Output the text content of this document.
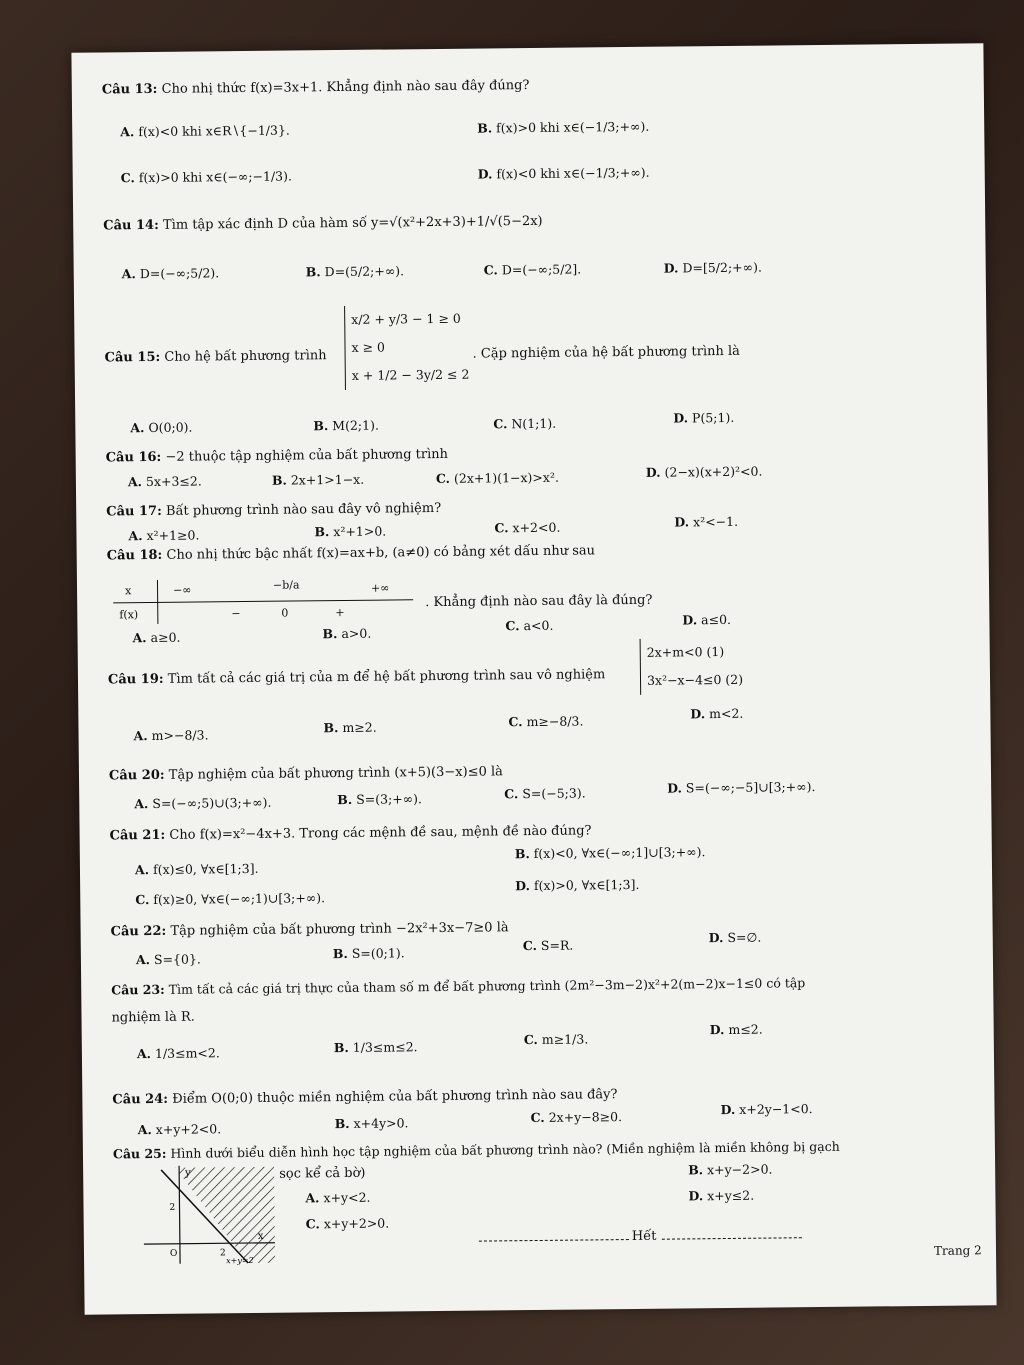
Câu 13: Cho nhị thức f(x)=3x+1. Khẳng định nào sau đây đúng?
A. f(x)<0 khi x∈R∖{−1/3}.	B. f(x)>0 khi x∈(−1/3;+∞).
C. f(x)>0 khi x∈(−∞;−1/3).	D. f(x)<0 khi x∈(−1/3;+∞).
Câu 14: Tìm tập xác định D của hàm số y=√(x²+2x+3)+1/√(5−2x)
A. D=(−∞;5/2).	B. D=(5/2;+∞).	C. D=(−∞;5/2].	D. D=[5/2;+∞).
Câu 15: Cho hệ bất phương trình
x/2 + y/3 − 1 ≥ 0
x ≥ 0
x + 1/2 − 3y/2 ≤ 2
. Cặp nghiệm của hệ bất phương trình là
A. O(0;0).	B. M(2;1).	C. N(1;1).	D. P(5;1).
Câu 16: −2 thuộc tập nghiệm của bất phương trình
A. 5x+3≤2.	B. 2x+1>1−x.	C. (2x+1)(1−x)>x².	D. (2−x)(x+2)²<0.
Câu 17: Bất phương trình nào sau đây vô nghiệm?
A. x²+1≥0.	B. x²+1>0.	C. x+2<0.	D. x²<−1.
Câu 18: Cho nhị thức bậc nhất f(x)=ax+b, (a≠0) có bảng xét dấu như sau
x	−∞	−b/a	+∞
f(x)	−	0	+
. Khẳng định nào sau đây là đúng?
A. a≥0.	B. a>0.	C. a<0.	D. a≤0.
Câu 19: Tìm tất cả các giá trị của m để hệ bất phương trình sau vô nghiệm
2x+m<0 (1)
3x²−x−4≤0 (2)
A. m>−8/3.	B. m≥2.	C. m≥−8/3.	D. m<2.
Câu 20: Tập nghiệm của bất phương trình (x+5)(3−x)≤0 là
A. S=(−∞;5)∪(3;+∞).	B. S=(3;+∞).	C. S=(−5;3).	D. S=(−∞;−5]∪[3;+∞).
Câu 21: Cho f(x)=x²−4x+3. Trong các mệnh đề sau, mệnh đề nào đúng?
A. f(x)≤0, ∀x∈[1;3].
B. f(x)<0, ∀x∈(−∞;1]∪[3;+∞).
C. f(x)≥0, ∀x∈(−∞;1)∪[3;+∞).
D. f(x)>0, ∀x∈[1;3].
Câu 22: Tập nghiệm của bất phương trình −2x²+3x−7≥0 là
A. S={0}.	B. S=(0;1).	C. S=R.	D. S=∅.
Câu 23: Tìm tất cả các giá trị thực của tham số m để bất phương trình (2m²−3m−2)x²+2(m−2)x−1≤0 có tập
nghiệm là R.
A. 1/3≤m<2.	B. 1/3≤m≤2.	C. m≥1/3.
D. m≤2.
Câu 24: Điểm O(0;0) thuộc miền nghiệm của bất phương trình nào sau đây?
A. x+y+2<0.	B. x+4y>0.	C. 2x+y−8≥0.	D. x+2y−1<0.
Câu 25: Hình dưới biểu diễn hình học tập nghiệm của bất phương trình nào? (Miền nghiệm là miền không bị gạch
sọc kể cả bờ)
A. x+y<2.
B. x+y−2>0.
C. x+y+2>0.
D. x+y≤2.
y
x
2
2
O
x+y=2
Hết
Trang 2
